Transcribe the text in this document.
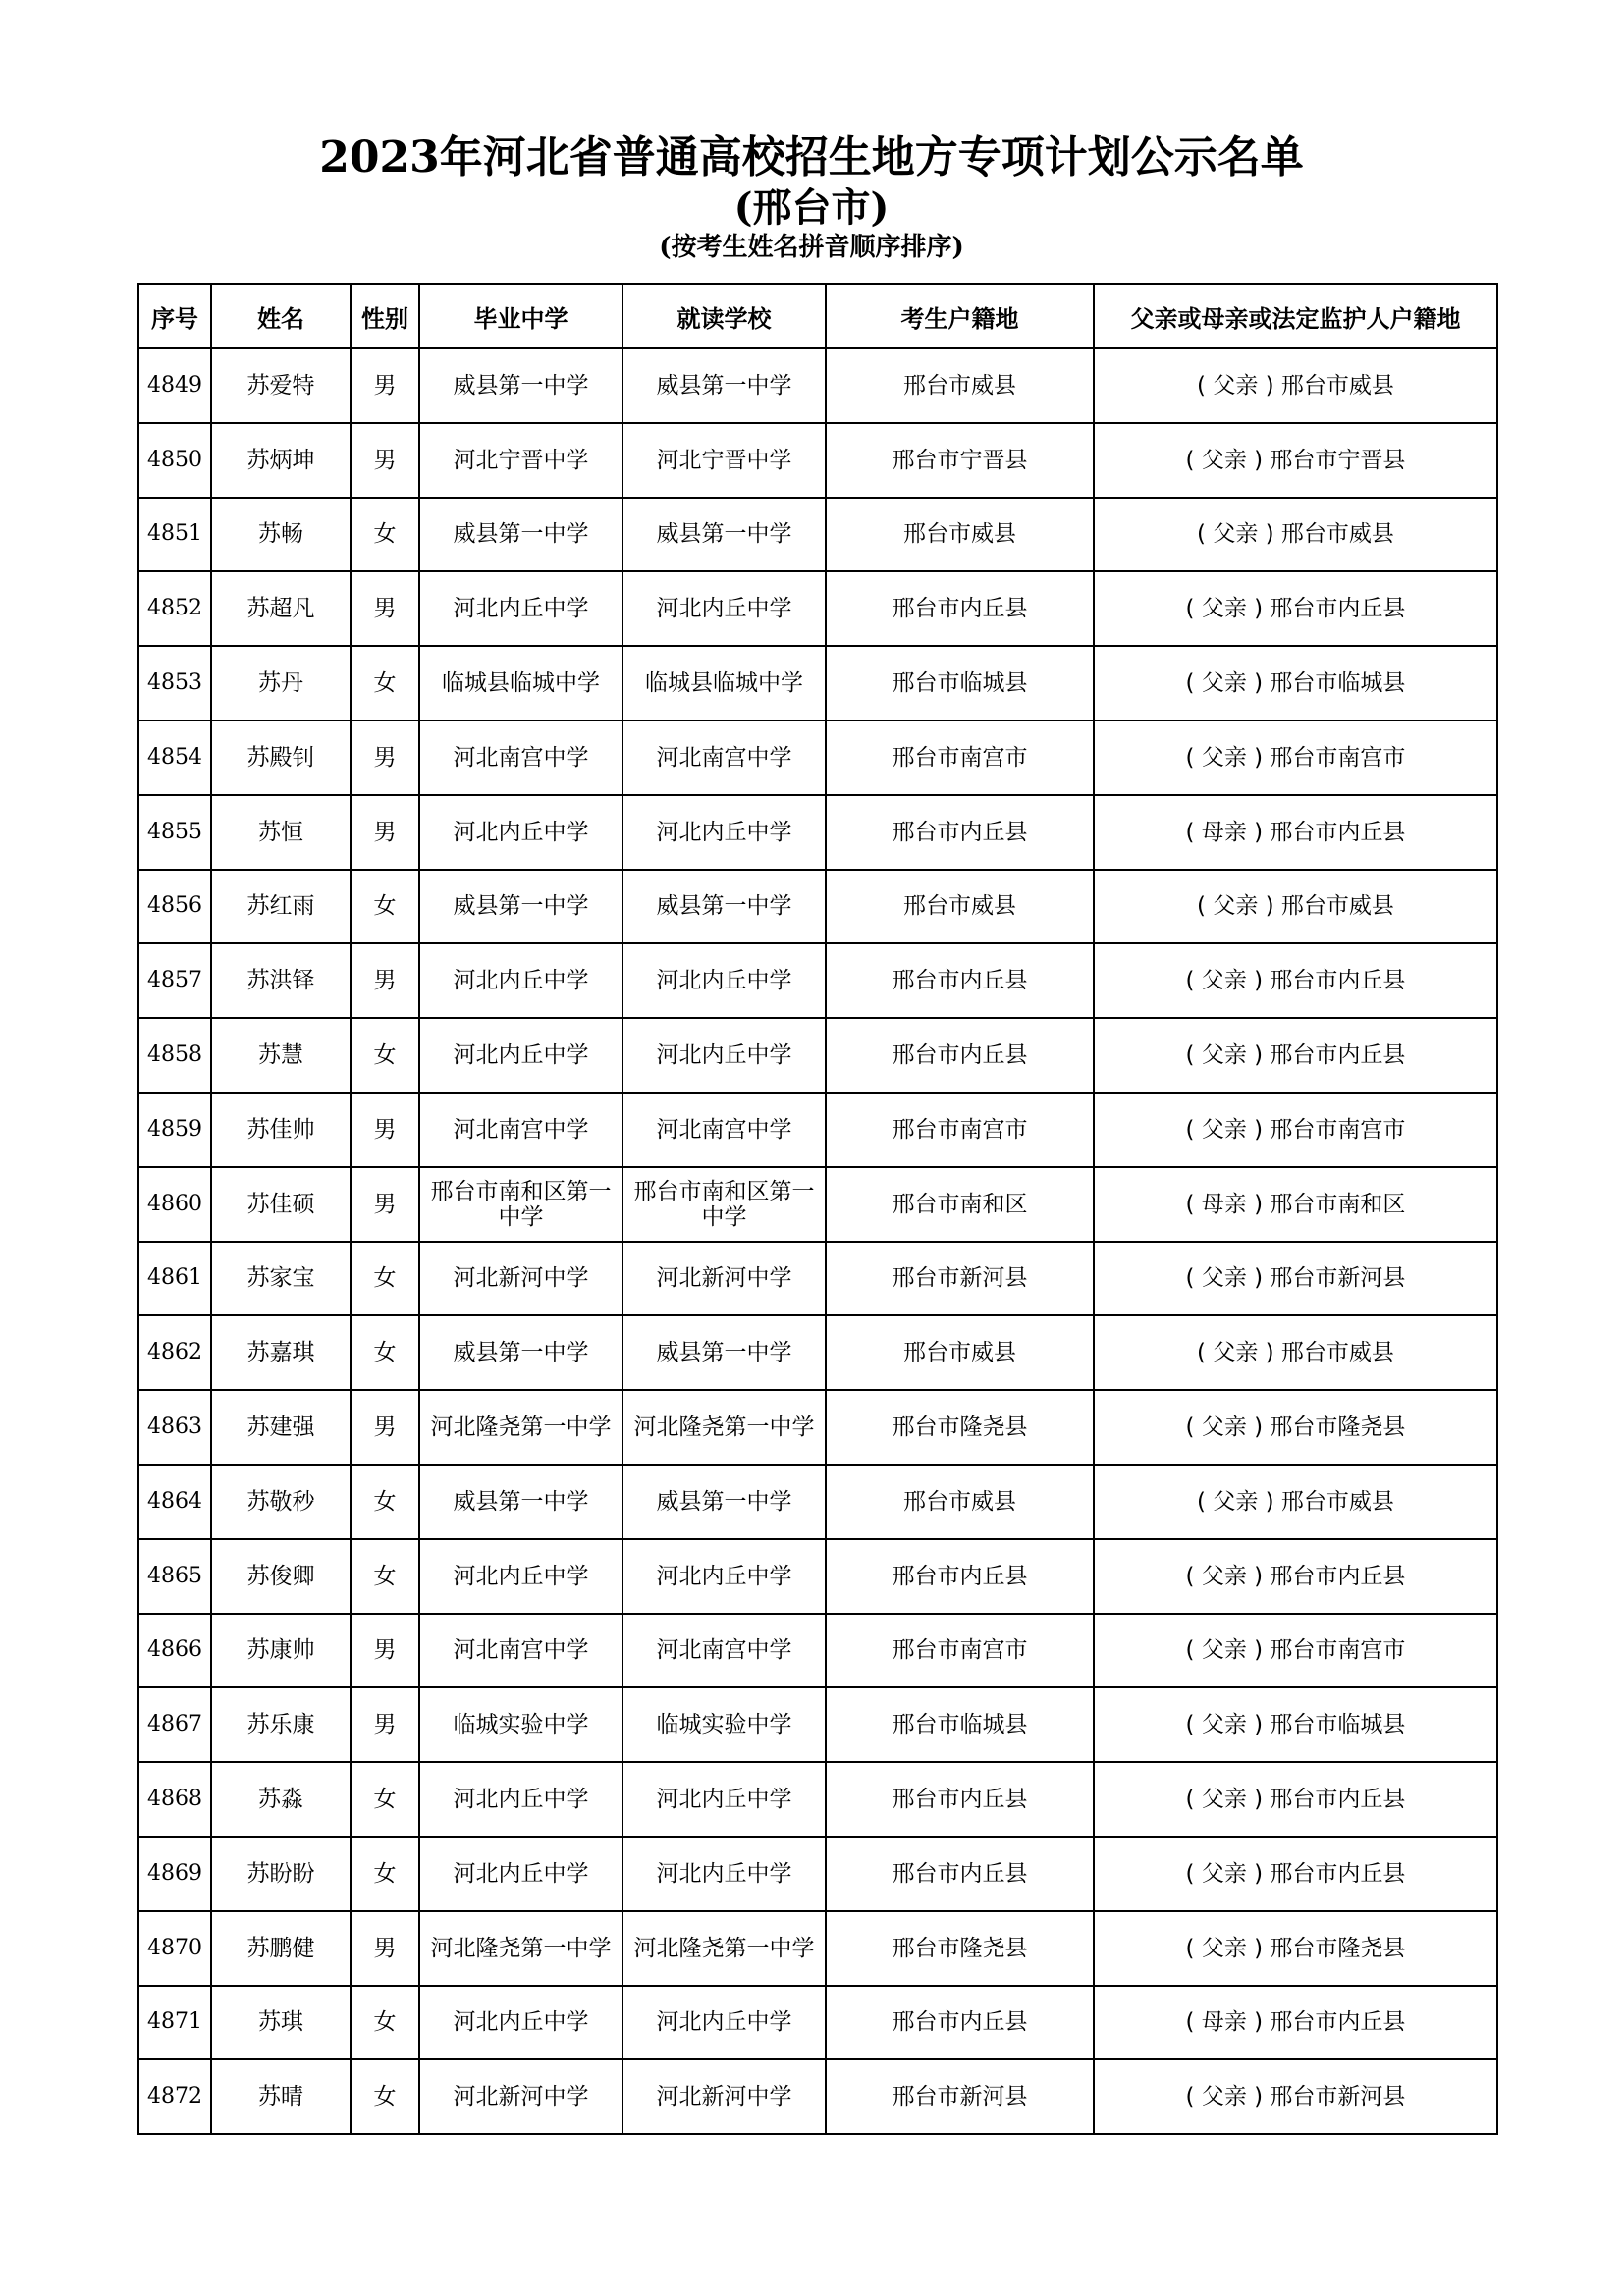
2023年河北省普通高校招生地方专项计划公示名单
(邢台市)
(按考生姓名拼音顺序排序)
序号	姓名	性别	毕业中学	就读学校	考生户籍地	父亲或母亲或法定监护人户籍地
4849	苏爱特	男	威县第一中学	威县第一中学	邢台市威县	( 父亲 ) 邢台市威县
4850	苏炳坤	男	河北宁晋中学	河北宁晋中学	邢台市宁晋县	( 父亲 ) 邢台市宁晋县
4851	苏畅	女	威县第一中学	威县第一中学	邢台市威县	( 父亲 ) 邢台市威县
4852	苏超凡	男	河北内丘中学	河北内丘中学	邢台市内丘县	( 父亲 ) 邢台市内丘县
4853	苏丹	女	临城县临城中学	临城县临城中学	邢台市临城县	( 父亲 ) 邢台市临城县
4854	苏殿钊	男	河北南宫中学	河北南宫中学	邢台市南宫市	( 父亲 ) 邢台市南宫市
4855	苏恒	男	河北内丘中学	河北内丘中学	邢台市内丘县	( 母亲 ) 邢台市内丘县
4856	苏红雨	女	威县第一中学	威县第一中学	邢台市威县	( 父亲 ) 邢台市威县
4857	苏洪铎	男	河北内丘中学	河北内丘中学	邢台市内丘县	( 父亲 ) 邢台市内丘县
4858	苏慧	女	河北内丘中学	河北内丘中学	邢台市内丘县	( 父亲 ) 邢台市内丘县
4859	苏佳帅	男	河北南宫中学	河北南宫中学	邢台市南宫市	( 父亲 ) 邢台市南宫市
4860	苏佳硕	男	邢台市南和区第一中学	邢台市南和区第一中学	邢台市南和区	( 母亲 ) 邢台市南和区
4861	苏家宝	女	河北新河中学	河北新河中学	邢台市新河县	( 父亲 ) 邢台市新河县
4862	苏嘉琪	女	威县第一中学	威县第一中学	邢台市威县	( 父亲 ) 邢台市威县
4863	苏建强	男	河北隆尧第一中学	河北隆尧第一中学	邢台市隆尧县	( 父亲 ) 邢台市隆尧县
4864	苏敬秒	女	威县第一中学	威县第一中学	邢台市威县	( 父亲 ) 邢台市威县
4865	苏俊卿	女	河北内丘中学	河北内丘中学	邢台市内丘县	( 父亲 ) 邢台市内丘县
4866	苏康帅	男	河北南宫中学	河北南宫中学	邢台市南宫市	( 父亲 ) 邢台市南宫市
4867	苏乐康	男	临城实验中学	临城实验中学	邢台市临城县	( 父亲 ) 邢台市临城县
4868	苏淼	女	河北内丘中学	河北内丘中学	邢台市内丘县	( 父亲 ) 邢台市内丘县
4869	苏盼盼	女	河北内丘中学	河北内丘中学	邢台市内丘县	( 父亲 ) 邢台市内丘县
4870	苏鹏健	男	河北隆尧第一中学	河北隆尧第一中学	邢台市隆尧县	( 父亲 ) 邢台市隆尧县
4871	苏琪	女	河北内丘中学	河北内丘中学	邢台市内丘县	( 母亲 ) 邢台市内丘县
4872	苏晴	女	河北新河中学	河北新河中学	邢台市新河县	( 父亲 ) 邢台市新河县
